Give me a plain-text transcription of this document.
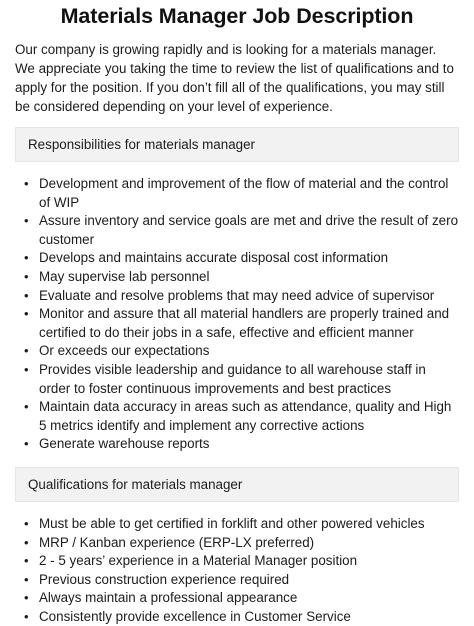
Materials Manager Job Description

Our company is growing rapidly and is looking for a materials manager. We appreciate you taking the time to review the list of qualifications and to apply for the position. If you don’t fill all of the qualifications, you may still be considered depending on your level of experience.

Responsibilities for materials manager
• Development and improvement of the flow of material and the control of WIP
• Assure inventory and service goals are met and drive the result of zero customer
• Develops and maintains accurate disposal cost information
• May supervise lab personnel
• Evaluate and resolve problems that may need advice of supervisor
• Monitor and assure that all material handlers are properly trained and certified to do their jobs in a safe, effective and efficient manner
• Or exceeds our expectations
• Provides visible leadership and guidance to all warehouse staff in order to foster continuous improvements and best practices
• Maintain data accuracy in areas such as attendance, quality and High 5 metrics identify and implement any corrective actions
• Generate warehouse reports
Qualifications for materials manager
• Must be able to get certified in forklift and other powered vehicles
• MRP / Kanban experience (ERP-LX preferred)
• 2 - 5 years’ experience in a Material Manager position
• Previous construction experience required
• Always maintain a professional appearance
• Consistently provide excellence in Customer Service
